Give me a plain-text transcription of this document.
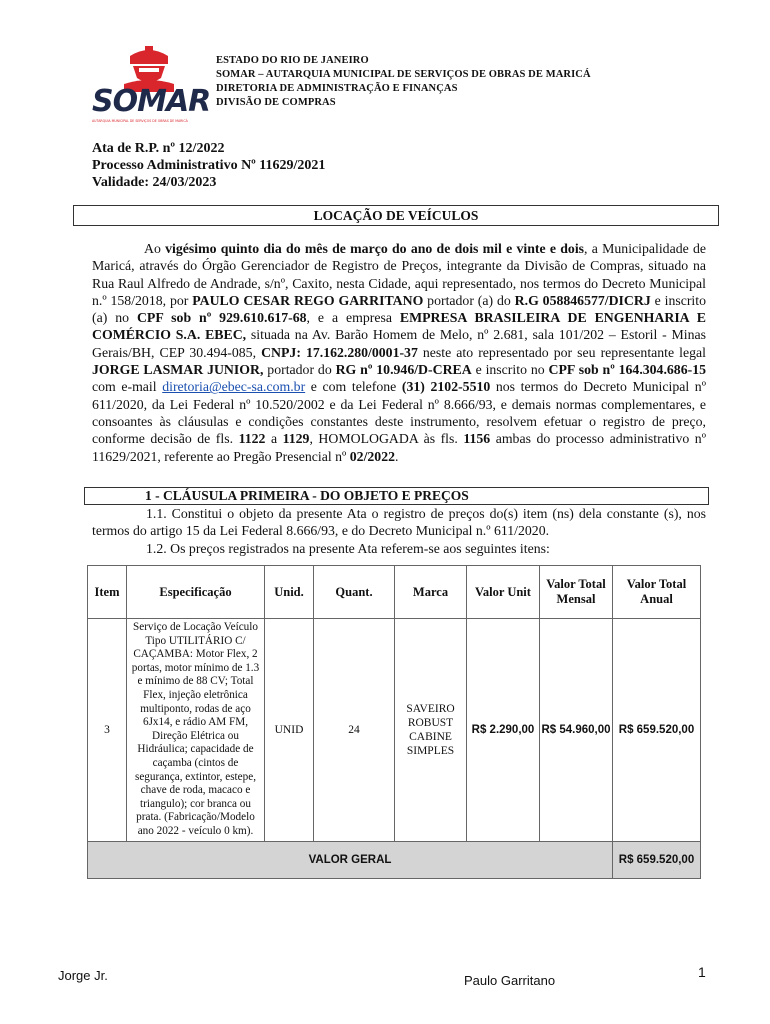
SOMAR
AUTARQUIA MUNICIPAL DE SERVIÇOS DE OBRAS DE MARICÁ
ESTADO DO RIO DE JANEIRO
SOMAR – AUTARQUIA MUNICIPAL DE SERVIÇOS DE OBRAS DE MARICÁ
DIRETORIA DE ADMINISTRAÇÃO E FINANÇAS
DIVISÃO DE COMPRAS
Ata de R.P. nº 12/2022
Processo Administrativo Nº 11629/2021
Validade: 24/03/2023
LOCAÇÃO DE VEÍCULOS
Ao vigésimo quinto dia do mês de março do ano de dois mil e vinte e dois, a Municipalidade de Maricá, através do Órgão Gerenciador de Registro de Preços, integrante da Divisão de Compras, situado na Rua Raul Alfredo de Andrade, s/nº, Caxito, nesta Cidade, aqui representado, nos termos do Decreto Municipal n.º 158/2018, por PAULO CESAR REGO GARRITANO portador (a) do R.G 058846577/DICRJ e inscrito (a) no CPF sob nº 929.610.617-68, e a empresa EMPRESA BRASILEIRA DE ENGENHARIA E COMÉRCIO S.A. EBEC, situada na Av. Barão Homem de Melo, nº 2.681, sala 101/202 – Estoril - Minas Gerais/BH, CEP 30.494-085, CNPJ: 17.162.280/0001-37 neste ato representado por seu representante legal JORGE LASMAR JUNIOR, portador do RG nº 10.946/D-CREA e inscrito no CPF sob nº 164.304.686-15 com e-mail diretoria@ebec-sa.com.br e com telefone (31) 2102-5510 nos termos do Decreto Municipal nº 611/2020, da Lei Federal nº 10.520/2002 e da Lei Federal nº 8.666/93, e demais normas complementares, e consoantes às cláusulas e condições constantes deste instrumento, resolvem efetuar o registro de preço, conforme decisão de fls. 1122 a 1129, HOMOLOGADA às fls. 1156 ambas do processo administrativo nº 11629/2021, referente ao Pregão Presencial nº 02/2022.
1 - CLÁUSULA PRIMEIRA - DO OBJETO E PREÇOS

1.1. Constitui o objeto da presente Ata o registro de preços do(s) item (ns) dela constante (s), nos termos do artigo 15 da Lei Federal 8.666/93, e do Decreto Municipal n.º 611/2020.

1.2. Os preços registrados na presente Ata referem-se aos seguintes itens:

Item	Especificação	Unid.	Quant.	Marca	Valor Unit	Valor Total Mensal	Valor Total Anual
3	Serviço de Locação Veículo Tipo UTILITÁRIO C/ CAÇAMBA: Motor Flex, 2 portas, motor mínimo de 1.3 e mínimo de 88 CV; Total Flex, injeção eletrônica multiponto, rodas de aço 6Jx14, e rádio AM FM, Direção Elétrica ou Hidráulica; capacidade de caçamba (cintos de segurança, extintor, estepe, chave de roda, macaco e triangulo); cor branca ou prata. (Fabricação/Modelo ano 2022 - veículo 0 km).	UNID	24	SAVEIRO ROBUST CABINE SIMPLES	R$ 2.290,00	R$ 54.960,00	R$ 659.520,00
VALOR GERAL							R$ 659.520,00
1
Jorge Jr.	Paulo Garritano
